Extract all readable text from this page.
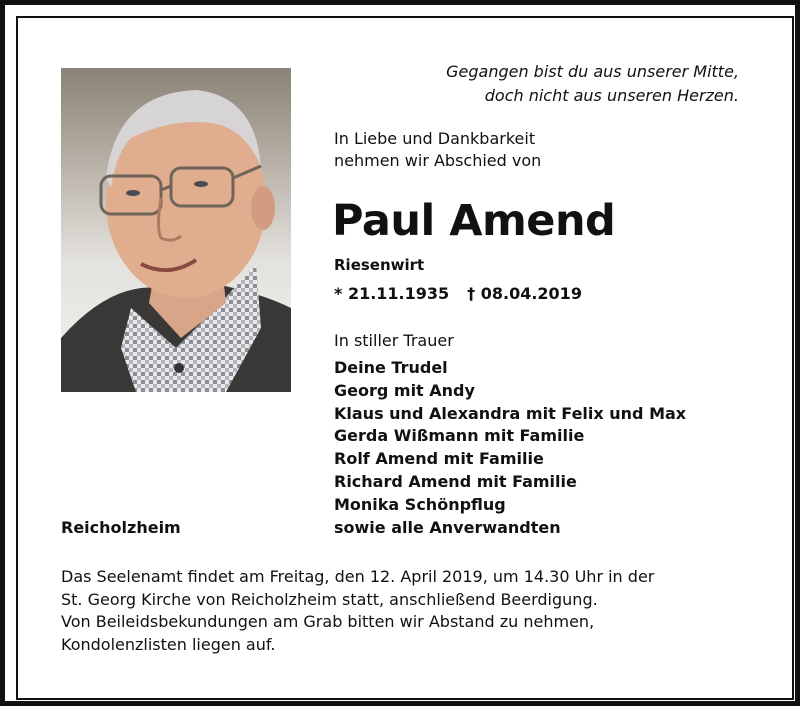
Gegangen bist du aus unserer Mitte,
doch nicht aus unseren Herzen.
In Liebe und Dankbarkeit
nehmen wir Abschied von
Paul Amend
Riesenwirt
* 21.11.1935 † 08.04.2019
In stiller Trauer
Deine Trudel
Georg mit Andy
Klaus und Alexandra mit Felix und Max
Gerda Wißmann mit Familie
Rolf Amend mit Familie
Richard Amend mit Familie
Monika Schönpflug
sowie alle Anverwandten
Reicholzheim
Das Seelenamt findet am Freitag, den 12. April 2019, um 14.30 Uhr in der
St. Georg Kirche von Reicholzheim statt, anschließend Beerdigung.
Von Beileidsbekundungen am Grab bitten wir Abstand zu nehmen,
Kondolenzlisten liegen auf.
